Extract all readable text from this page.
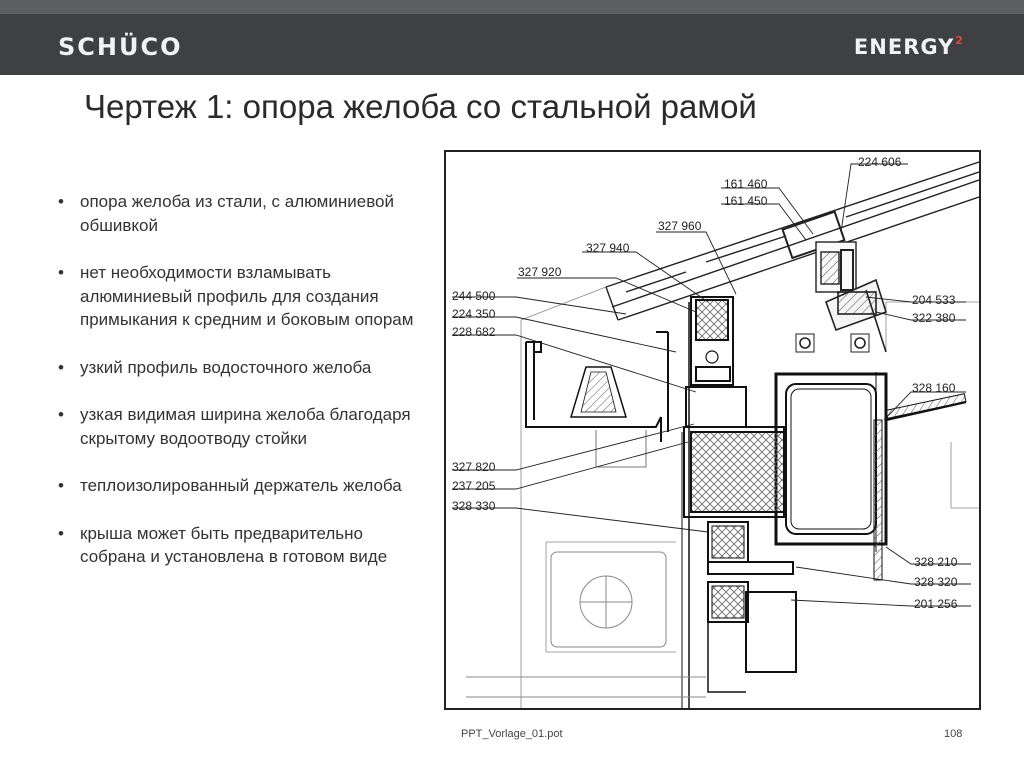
SCHÜCO	ENERGY$^2$
Чертеж 1: опора желоба со стальной рамой
• опора желоба из стали, с алюминиевой обшивкой
• нет необходимости взламывать алюминиевый профиль для создания примыкания к средним и боковым опорам
• узкий профиль водосточного желоба
• узкая видимая ширина желоба благодаря скрытому водоотводу стойки
• теплоизолированный держатель желоба
• крыша может быть предварительно собрана и установлена в готовом виде
224 606
161 460
161 450
327 960
327 940
327 920
244 500
224 350
228 682
204 533
322 380
328 160
327 820
237 205
328 330
328 210
328 320
201 256
PPT_Vorlage_01.pot	108
